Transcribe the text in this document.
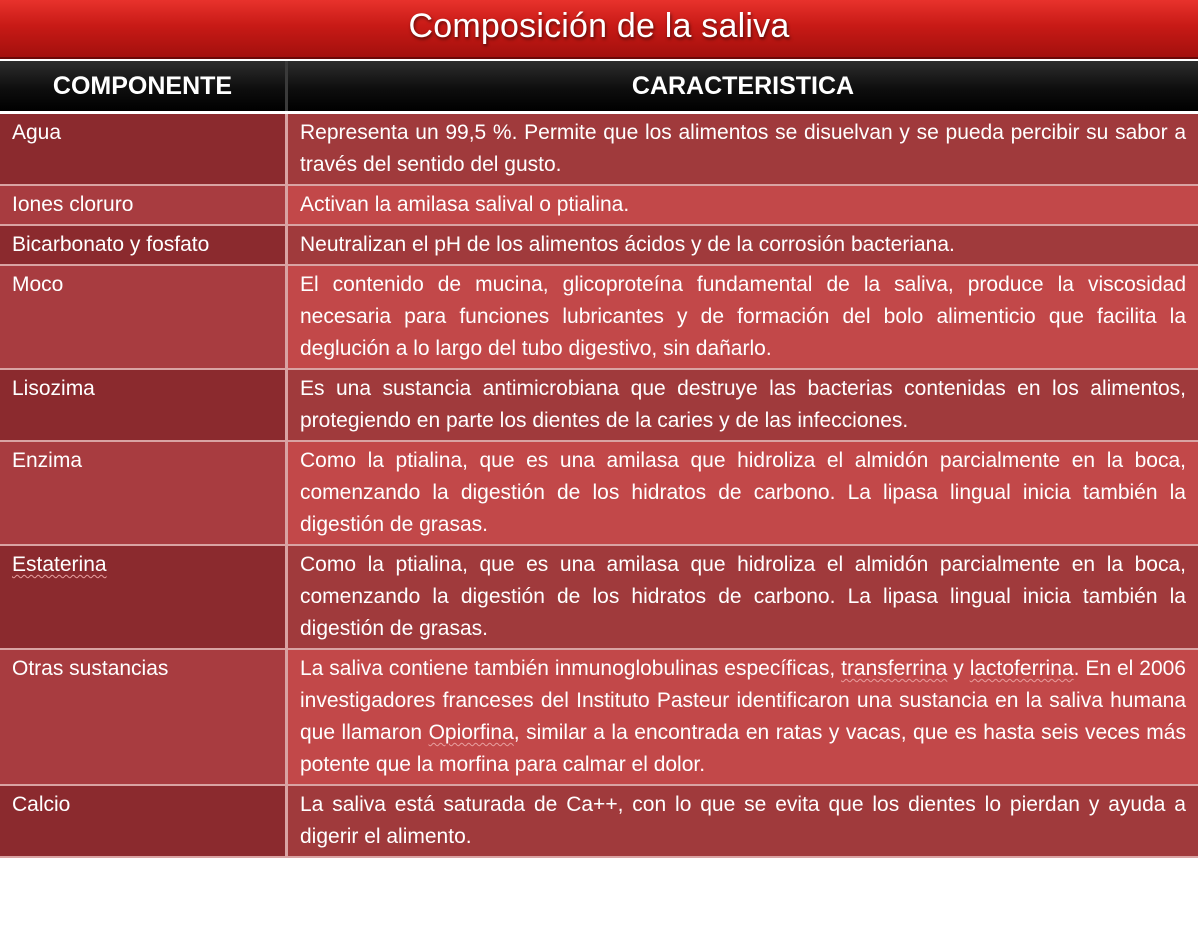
Composición de la saliva
COMPONENTE	CARACTERISTICA
Agua	Representa un 99,5 %. Permite que los alimentos se disuelvan y se pueda percibir su sabor a través del sentido del gusto.
Iones cloruro	Activan la amilasa salival o ptialina.
Bicarbonato y fosfato	Neutralizan el pH de los alimentos ácidos y de la corrosión bacteriana.
Moco	El contenido de mucina, glicoproteína fundamental de la saliva, produce la viscosidad necesaria para funciones lubricantes y de formación del bolo alimenticio que facilita la deglución a lo largo del tubo digestivo, sin dañarlo.
Lisozima	Es una sustancia antimicrobiana que destruye las bacterias contenidas en los alimentos, protegiendo en parte los dientes de la caries y de las infecciones.
Enzima	Como la ptialina, que es una amilasa que hidroliza el almidón parcialmente en la boca, comenzando la digestión de los hidratos de carbono. La lipasa lingual inicia también la digestión de grasas.
Estaterina	Como la ptialina, que es una amilasa que hidroliza el almidón parcialmente en la boca, comenzando la digestión de los hidratos de carbono. La lipasa lingual inicia también la digestión de grasas.
Otras sustancias	La saliva contiene también inmunoglobulinas específicas, transferrina y lactoferrina. En el 2006 investigadores franceses del Instituto Pasteur identificaron una sustancia en la saliva humana que llamaron Opiorfina, similar a la encontrada en ratas y vacas, que es hasta seis veces más potente que la morfina para calmar el dolor.
Calcio	La saliva está saturada de Ca++, con lo que se evita que los dientes lo pierdan y ayuda a digerir el alimento.
